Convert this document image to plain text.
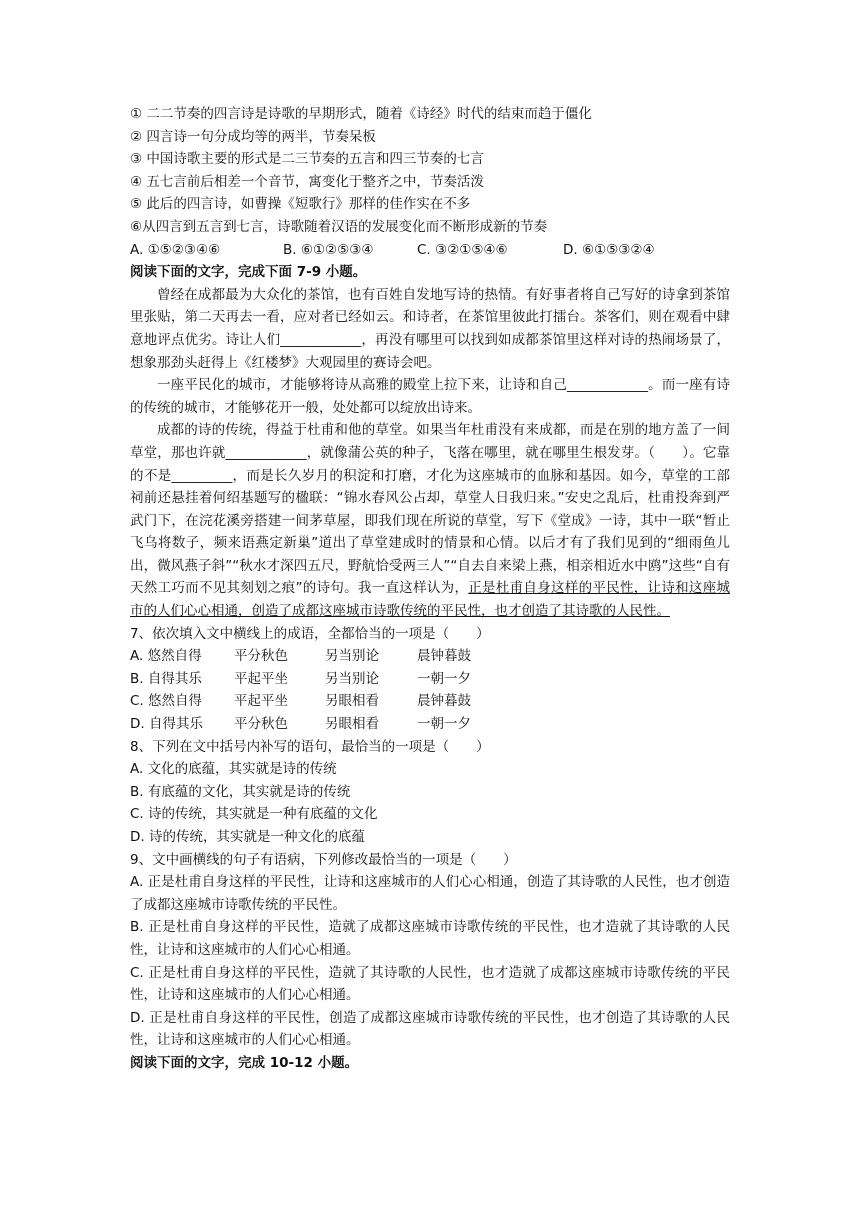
① 二二节奏的四言诗是诗歌的早期形式，随着《诗经》时代的结束而趋于僵化
② 四言诗一句分成均等的两半，节奏呆板
③ 中国诗歌主要的形式是二三节奏的五言和四三节奏的七言
④ 五七言前后相差一个音节，寓变化于整齐之中，节奏活泼
⑤ 此后的四言诗，如曹操《短歌行》那样的佳作实在不多
⑥从四言到五言到七言，诗歌随着汉语的发展变化而不断形成新的节奏
A. ①⑤②③④⑥	B. ⑥①②⑤③④	C. ③②①⑤④⑥	D. ⑥①⑤③②④
阅读下面的文字，完成下面 7-9 小题。
曾经在成都最为大众化的茶馆，也有百姓自发地写诗的热情。有好事者将自己写好的诗拿到茶馆里张贴，第二天再去一看，应对者已经如云。和诗者，在茶馆里彼此打擂台。茶客们，则在观看中肆意地评点优劣。诗让人们____________，再没有哪里可以找到如成都茶馆里这样对诗的热闹场景了，想象那劲头赶得上《红楼梦》大观园里的赛诗会吧。
一座平民化的城市，才能够将诗从高雅的殿堂上拉下来，让诗和自己____________。而一座有诗的传统的城市，才能够花开一般，处处都可以绽放出诗来。
成都的诗的传统，得益于杜甫和他的草堂。如果当年杜甫没有来成都，而是在别的地方盖了一间草堂，那也许就____________，就像蒲公英的种子，飞落在哪里，就在哪里生根发芽。（　　）。它靠的不是_________，而是长久岁月的积淀和打磨，才化为这座城市的血脉和基因。如今，草堂的工部祠前还悬挂着何绍基题写的楹联：“锦水春风公占却，草堂人日我归来。”安史之乱后，杜甫投奔到严武门下，在浣花溪旁搭建一间茅草屋，即我们现在所说的草堂，写下《堂成》一诗，其中一联“暂止飞乌将数子，频来语燕定新巢”道出了草堂建成时的情景和心情。以后才有了我们见到的“细雨鱼儿出，微风燕子斜”“秋水才深四五尺，野航恰受两三人”“自去自来梁上燕，相亲相近水中鸥”这些“自有天然工巧而不见其刻划之痕”的诗句。我一直这样认为，正是杜甫自身这样的平民性，让诗和这座城市的人们心心相通，创造了成都这座城市诗歌传统的平民性，也才创造了其诗歌的人民性。
7、依次填入文中横线上的成语，全都恰当的一项是（　　）
A. 悠然自得	平分秋色	另当别论	晨钟暮鼓
B. 自得其乐	平起平坐	另当别论	一朝一夕
C. 悠然自得	平起平坐	另眼相看	晨钟暮鼓
D. 自得其乐	平分秋色	另眼相看	一朝一夕
8、下列在文中括号内补写的语句，最恰当的一项是（　　）
A. 文化的底蕴，其实就是诗的传统
B. 有底蕴的文化，其实就是诗的传统
C. 诗的传统，其实就是一种有底蕴的文化
D. 诗的传统，其实就是一种文化的底蕴
9、文中画横线的句子有语病，下列修改最恰当的一项是（　　）
A. 正是杜甫自身这样的平民性，让诗和这座城市的人们心心相通，创造了其诗歌的人民性，也才创造了成都这座城市诗歌传统的平民性。
B. 正是杜甫自身这样的平民性，造就了成都这座城市诗歌传统的平民性，也才造就了其诗歌的人民性，让诗和这座城市的人们心心相通。
C. 正是杜甫自身这样的平民性，造就了其诗歌的人民性，也才造就了成都这座城市诗歌传统的平民性，让诗和这座城市的人们心心相通。
D. 正是杜甫自身这样的平民性，创造了成都这座城市诗歌传统的平民性，也才创造了其诗歌的人民性，让诗和这座城市的人们心心相通。
阅读下面的文字，完成 10-12 小题。
